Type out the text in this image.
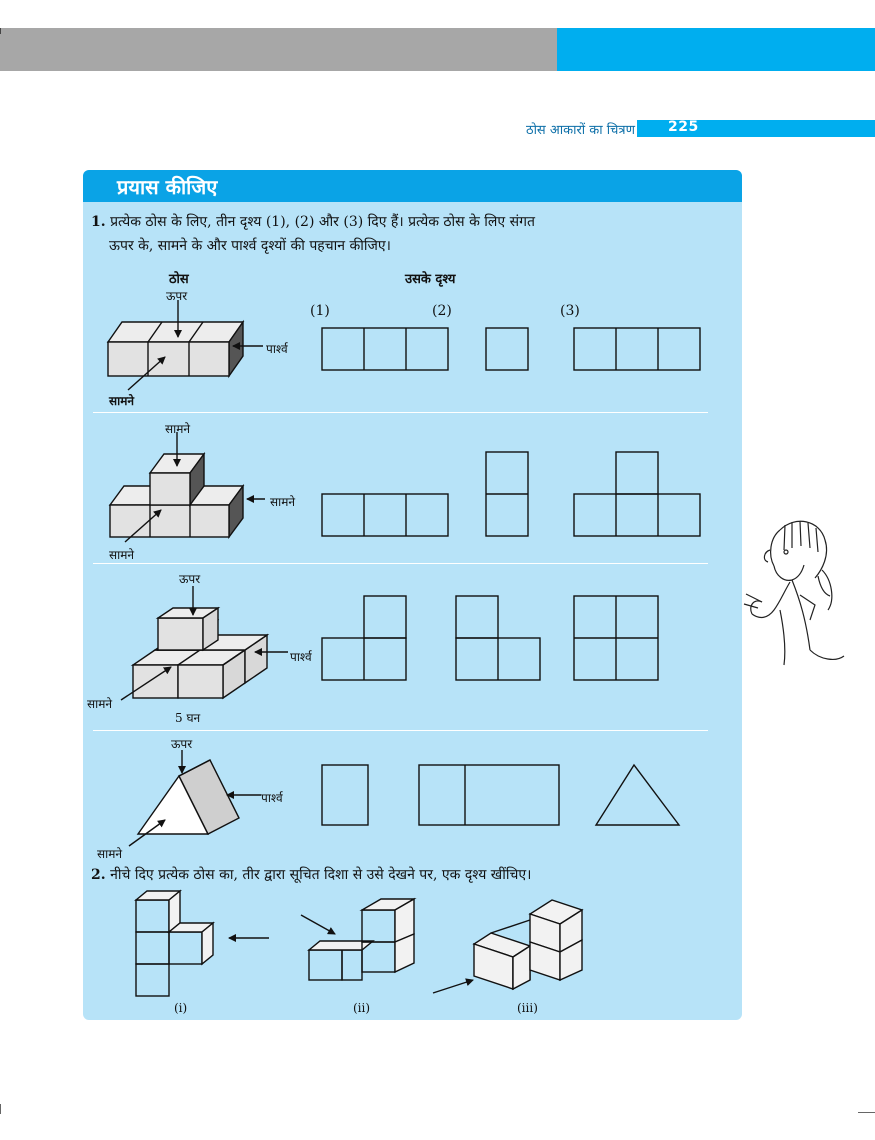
ठोस आकारों का चित्रण 225
प्रयास कीजिए
1. प्रत्येक ठोस के लिए, तीन दृश्य (1), (2) और (3) दिए हैं। प्रत्येक ठोस के लिए संगत
ऊपर के, सामने के और पार्श्व दृश्यों की पहचान कीजिए।
ठोस	उसके दृश्य
(1)	(2)	(3)
ऊपर
पार्श्व
सामने
सामने
सामने
सामने
ऊपर
पार्श्व
सामने
5 घन
ऊपर
पार्श्व
सामने
2. नीचे दिए प्रत्येक ठोस का, तीर द्वारा सूचित दिशा से उसे देखने पर, एक दृश्य खींचिए।
(i)	(ii)	(iii)
